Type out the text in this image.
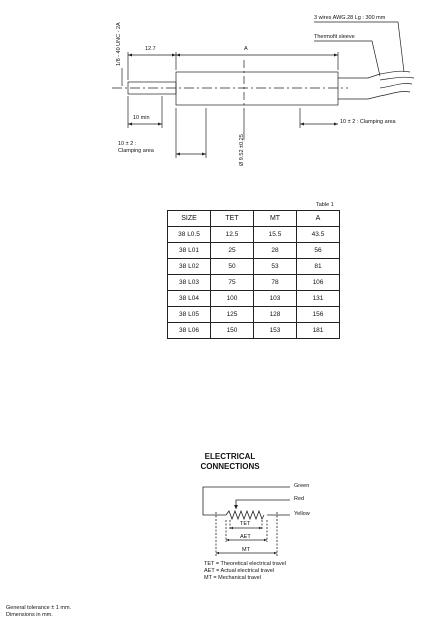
1/8 - 40 UNC - 2A	12.7	A
3 wires AWG.28 Lg : 300 mm
Thermofit sleeve
10 min
10 ± 2 : Clamping area
10 ± 2 :
Clamping area	Ø 9.52 ±0.25
Table 1
SIZE	TET	MT	A
38 L0.5	12.5	15.5	43.5
38 L01	25	28	56
38 L02	50	53	81
38 L03	75	78	106
38 L04	100	103	131
38 L05	125	128	156
38 L06	150	153	181
ELECTRICAL
CONNECTIONS
Green
Red
Yellow
TET
AET
MT
TET = Theoretical electrical travel
AET = Actual electrical travel
MT = Mechanical travel
General tolerance ± 1 mm.
Dimensions in mm.
